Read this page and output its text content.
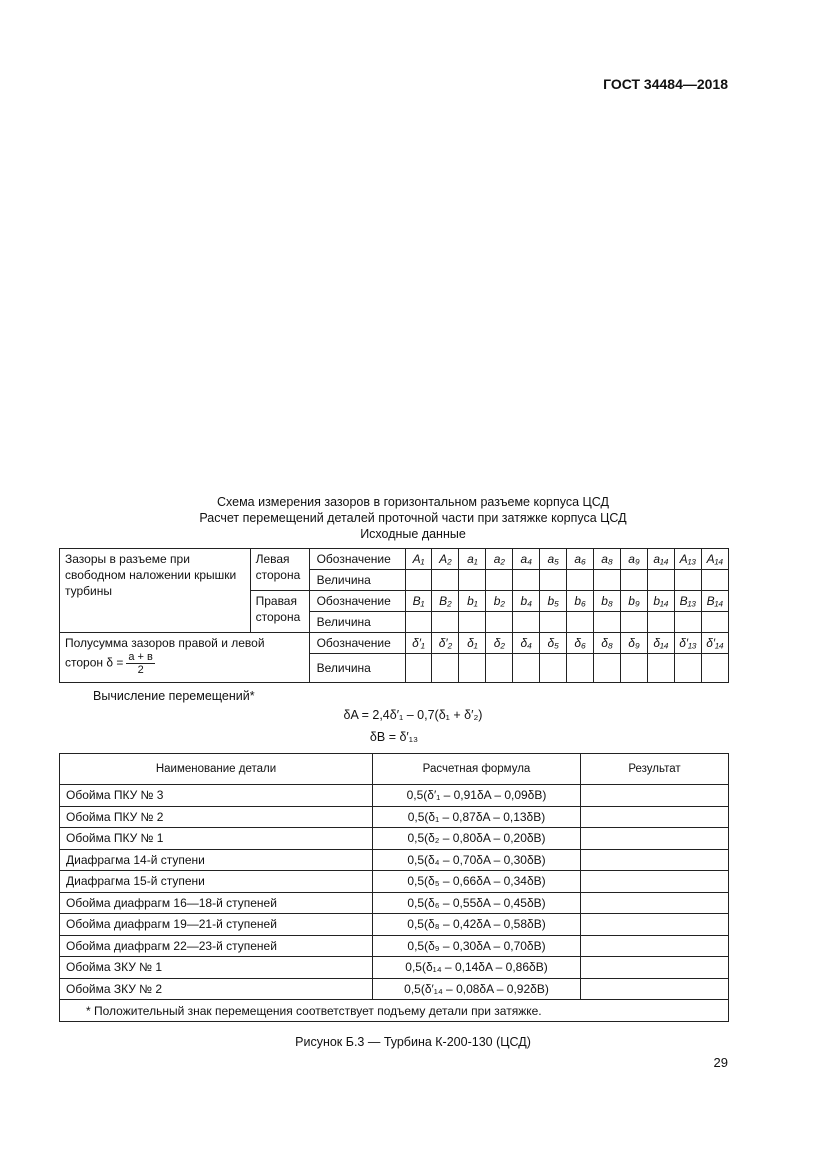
ГОСТ 34484—2018
Схема измерения зазоров в горизонтальном разъеме корпуса ЦСД
Расчет перемещений деталей проточной части при затяжке корпуса ЦСД
Исходные данные
Зазоры в разъеме при свободном наложении крышки турбины	Левая сторона	Обозначение	A₁	A₂	a₁	a₂	a₄	a₅	a₆	a₈	a₉	a₁₄	A₁₃	A₁₄
		Величина												
	Правая сторона	Обозначение	B₁	B₂	b₁	b₂	b₄	b₅	b₆	b₈	b₉	b₁₄	B₁₃	B₁₄
		Величина												
Полусумма зазоров правой и левой сторон $\delta = \frac{a + в}{2}$		Обозначение	δ′₁	δ′₂	δ₁	δ₂	δ₄	δ₅	δ₆	δ₈	δ₉	δ₁₄	δ′₁₃	δ′₁₄
		Величина												
Вычисление перемещений*
δA = 2,4δ′₁ – 0,7(δ₁ + δ′₂)
δB = δ′₁₃
Наименование детали	Расчетная формула	Результат
Обойма ПКУ № 3	0,5(δ′₁ – 0,91δA – 0,09δB)	
Обойма ПКУ № 2	0,5(δ₁ – 0,87δA – 0,13δB)	
Обойма ПКУ № 1	0,5(δ₂ – 0,80δA – 0,20δB)	
Диафрагма 14-й ступени	0,5(δ₄ – 0,70δA – 0,30δB)	
Диафрагма 15-й ступени	0,5(δ₅ – 0,66δA – 0,34δB)	
Обойма диафрагм 16—18-й ступеней	0,5(δ₆ – 0,55δA – 0,45δB)	
Обойма диафрагм 19—21-й ступеней	0,5(δ₈ – 0,42δA – 0,58δB)	
Обойма диафрагм 22—23-й ступеней	0,5(δ₉ – 0,30δA – 0,70δB)	
Обойма ЗКУ № 1	0,5(δ₁₄ – 0,14δA – 0,86δB)	
Обойма ЗКУ № 2	0,5(δ′₁₄ – 0,08δA – 0,92δB)	
* Положительный знак перемещения соответствует подъему детали при затяжке.		
Рисунок Б.3 — Турбина К-200-130 (ЦСД)
29
